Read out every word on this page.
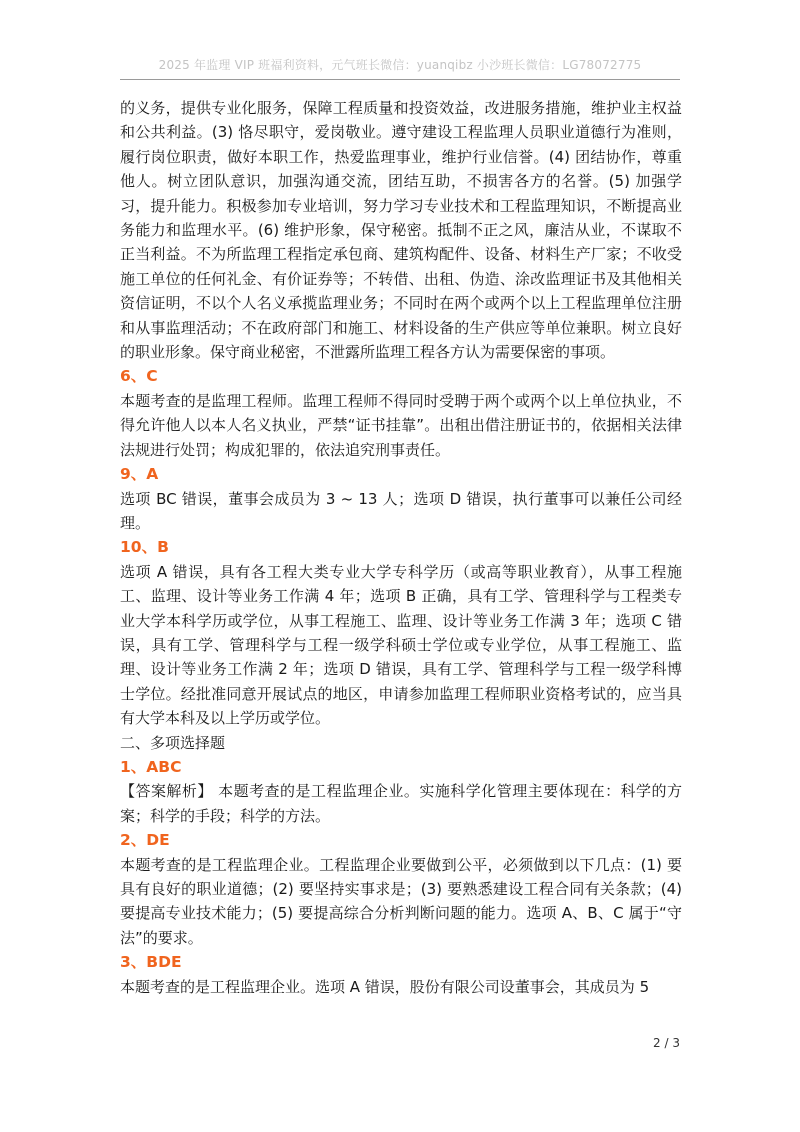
2025 年监理 VIP 班福利资料，元气班长微信：yuanqibz 小沙班长微信：LG78072775

的义务，提供专业化服务，保障工程质量和投资效益，改进服务措施，维护业主权益和公共利益。(3) 恪尽职守，爱岗敬业。遵守建设工程监理人员职业道德行为准则，履行岗位职责，做好本职工作，热爱监理事业，维护行业信誉。(4) 团结协作，尊重他人。树立团队意识，加强沟通交流，团结互助，不损害各方的名誉。(5) 加强学习，提升能力。积极参加专业培训，努力学习专业技术和工程监理知识，不断提高业务能力和监理水平。(6) 维护形象，保守秘密。抵制不正之风，廉洁从业，不谋取不正当利益。不为所监理工程指定承包商、建筑构配件、设备、材料生产厂家；不收受施工单位的任何礼金、有价证券等；不转借、出租、伪造、涂改监理证书及其他相关资信证明，不以个人名义承揽监理业务；不同时在两个或两个以上工程监理单位注册和从事监理活动；不在政府部门和施工、材料设备的生产供应等单位兼职。树立良好的职业形象。保守商业秘密，不泄露所监理工程各方认为需要保密的事项。

6、C

本题考查的是监理工程师。监理工程师不得同时受聘于两个或两个以上单位执业，不得允许他人以本人名义执业，严禁“证书挂靠”。出租出借注册证书的，依据相关法律法规进行处罚；构成犯罪的，依法追究刑事责任。

9、A

选项 BC 错误，董事会成员为 3 ~ 13 人；选项 D 错误，执行董事可以兼任公司经理。

10、B

选项 A 错误，具有各工程大类专业大学专科学历（或高等职业教育），从事工程施工、监理、设计等业务工作满 4 年；选项 B 正确，具有工学、管理科学与工程类专业大学本科学历或学位，从事工程施工、监理、设计等业务工作满 3 年；选项 C 错误，具有工学、管理科学与工程一级学科硕士学位或专业学位，从事工程施工、监理、设计等业务工作满 2 年；选项 D 错误，具有工学、管理科学与工程一级学科博士学位。经批准同意开展试点的地区，申请参加监理工程师职业资格考试的，应当具有大学本科及以上学历或学位。

二、多项选择题

1、ABC

【答案解析】 本题考查的是工程监理企业。实施科学化管理主要体现在：科学的方案；科学的手段；科学的方法。

2、DE

本题考查的是工程监理企业。工程监理企业要做到公平，必须做到以下几点：(1) 要具有良好的职业道德；(2) 要坚持实事求是；(3) 要熟悉建设工程合同有关条款；(4) 要提高专业技术能力；(5) 要提高综合分析判断问题的能力。选项 A、B、C 属于“守法”的要求。

3、BDE

本题考查的是工程监理企业。选项 A 错误，股份有限公司设董事会，其成员为 5

2 / 3
